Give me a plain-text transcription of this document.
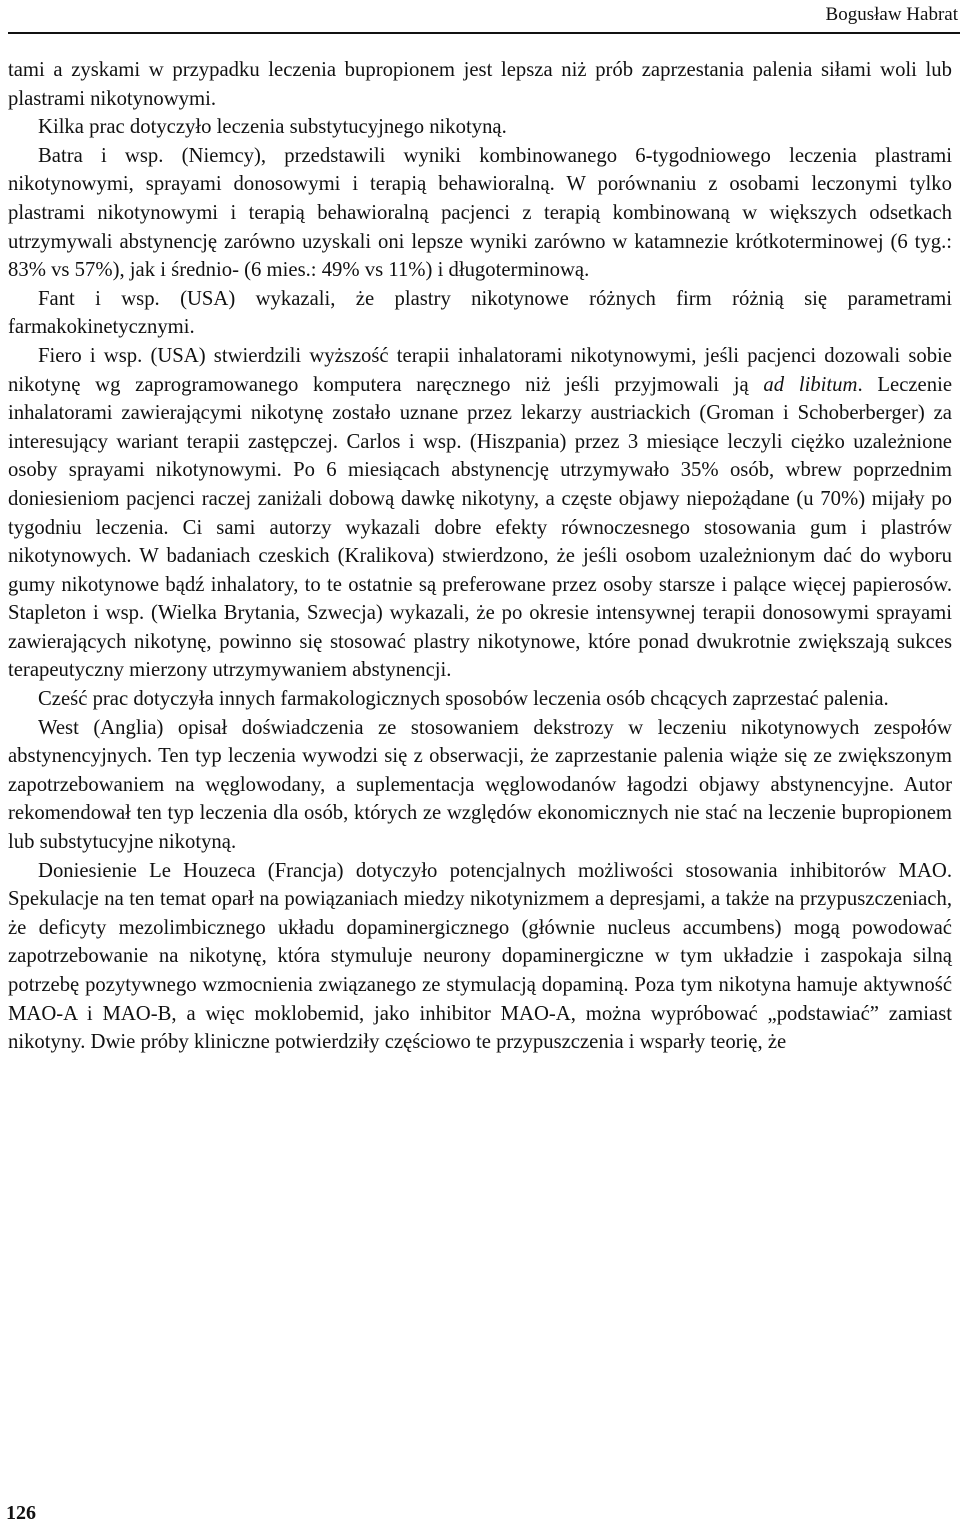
Bogusław Habrat

tami a zyskami w przypadku leczenia bupropionem jest lepsza niż prób zaprzestania palenia siłami woli lub plastrami nikotynowymi.

Kilka prac dotyczyło leczenia substytucyjnego nikotyną.

Batra i wsp. (Niemcy), przedstawili wyniki kombinowanego 6-tygodniowego leczenia plastrami nikotynowymi, sprayami donosowymi i terapią behawioralną. W porównaniu z osobami leczonymi tylko plastrami nikotynowymi i terapią behawioralną pacjenci z terapią kombinowaną w większych odsetkach utrzymywali abstynencję zarówno uzyskali oni lepsze wyniki zarówno w katamnezie krótkoterminowej (6 tyg.: 83% vs 57%), jak i średnio- (6 mies.: 49% vs 11%) i długoterminową.

Fant i wsp. (USA) wykazali, że plastry nikotynowe różnych firm różnią się parametrami farmakokinetycznymi.

Fiero i wsp. (USA) stwierdzili wyższość terapii inhalatorami nikotynowymi, jeśli pacjenci dozowali sobie nikotynę wg zaprogramowanego komputera naręcznego niż jeśli przyjmowali ją ad libitum. Leczenie inhalatorami zawierającymi nikotynę zostało uznane przez lekarzy austriackich (Groman i Schoberberger) za interesujący wariant terapii zastępczej. Carlos i wsp. (Hiszpania) przez 3 miesiące leczyli ciężko uzależnione osoby sprayami nikotynowymi. Po 6 miesiącach abstynencję utrzymywało 35% osób, wbrew poprzednim doniesieniom pacjenci raczej zaniżali dobową dawkę nikotyny, a częste objawy niepożądane (u 70%) mijały po tygodniu leczenia. Ci sami autorzy wykazali dobre efekty równoczesnego stosowania gum i plastrów nikotynowych. W badaniach czeskich (Kralikova) stwierdzono, że jeśli osobom uzależnionym dać do wyboru gumy nikotynowe bądź inhalatory, to te ostatnie są preferowane przez osoby starsze i palące więcej papierosów. Stapleton i wsp. (Wielka Brytania, Szwecja) wykazali, że po okresie intensywnej terapii donosowymi sprayami zawierających nikotynę, powinno się stosować plastry nikotynowe, które ponad dwukrotnie zwiększają sukces terapeutyczny mierzony utrzymywaniem abstynencji.

Cześć prac dotyczyła innych farmakologicznych sposobów leczenia osób chcących zaprzestać palenia.

West (Anglia) opisał doświadczenia ze stosowaniem dekstrozy w leczeniu nikotynowych zespołów abstynencyjnych. Ten typ leczenia wywodzi się z obserwacji, że zaprzestanie palenia wiąże się ze zwiększonym zapotrzebowaniem na węglowodany, a suplementacja węglowodanów łagodzi objawy abstynencyjne. Autor rekomendował ten typ leczenia dla osób, których ze względów ekonomicznych nie stać na leczenie bupropionem lub substytucyjne nikotyną.

Doniesienie Le Houzeca (Francja) dotyczyło potencjalnych możliwości stosowania inhibitorów MAO. Spekulacje na ten temat oparł na powiązaniach miedzy nikotynizmem a depresjami, a także na przypuszczeniach, że deficyty mezolimbicznego układu dopaminergicznego (głównie nucleus accumbens) mogą powodować zapotrzebowanie na nikotynę, która stymuluje neurony dopaminergiczne w tym układzie i zaspokaja silną potrzebę pozytywnego wzmocnienia związanego ze stymulacją dopaminą. Poza tym nikotyna hamuje aktywność MAO-A i MAO-B, a więc moklobemid, jako inhibitor MAO-A, można wypróbować „podstawiać” zamiast nikotyny. Dwie próby kliniczne potwierdziły częściowo te przypuszczenia i wsparły teorię, że

126
